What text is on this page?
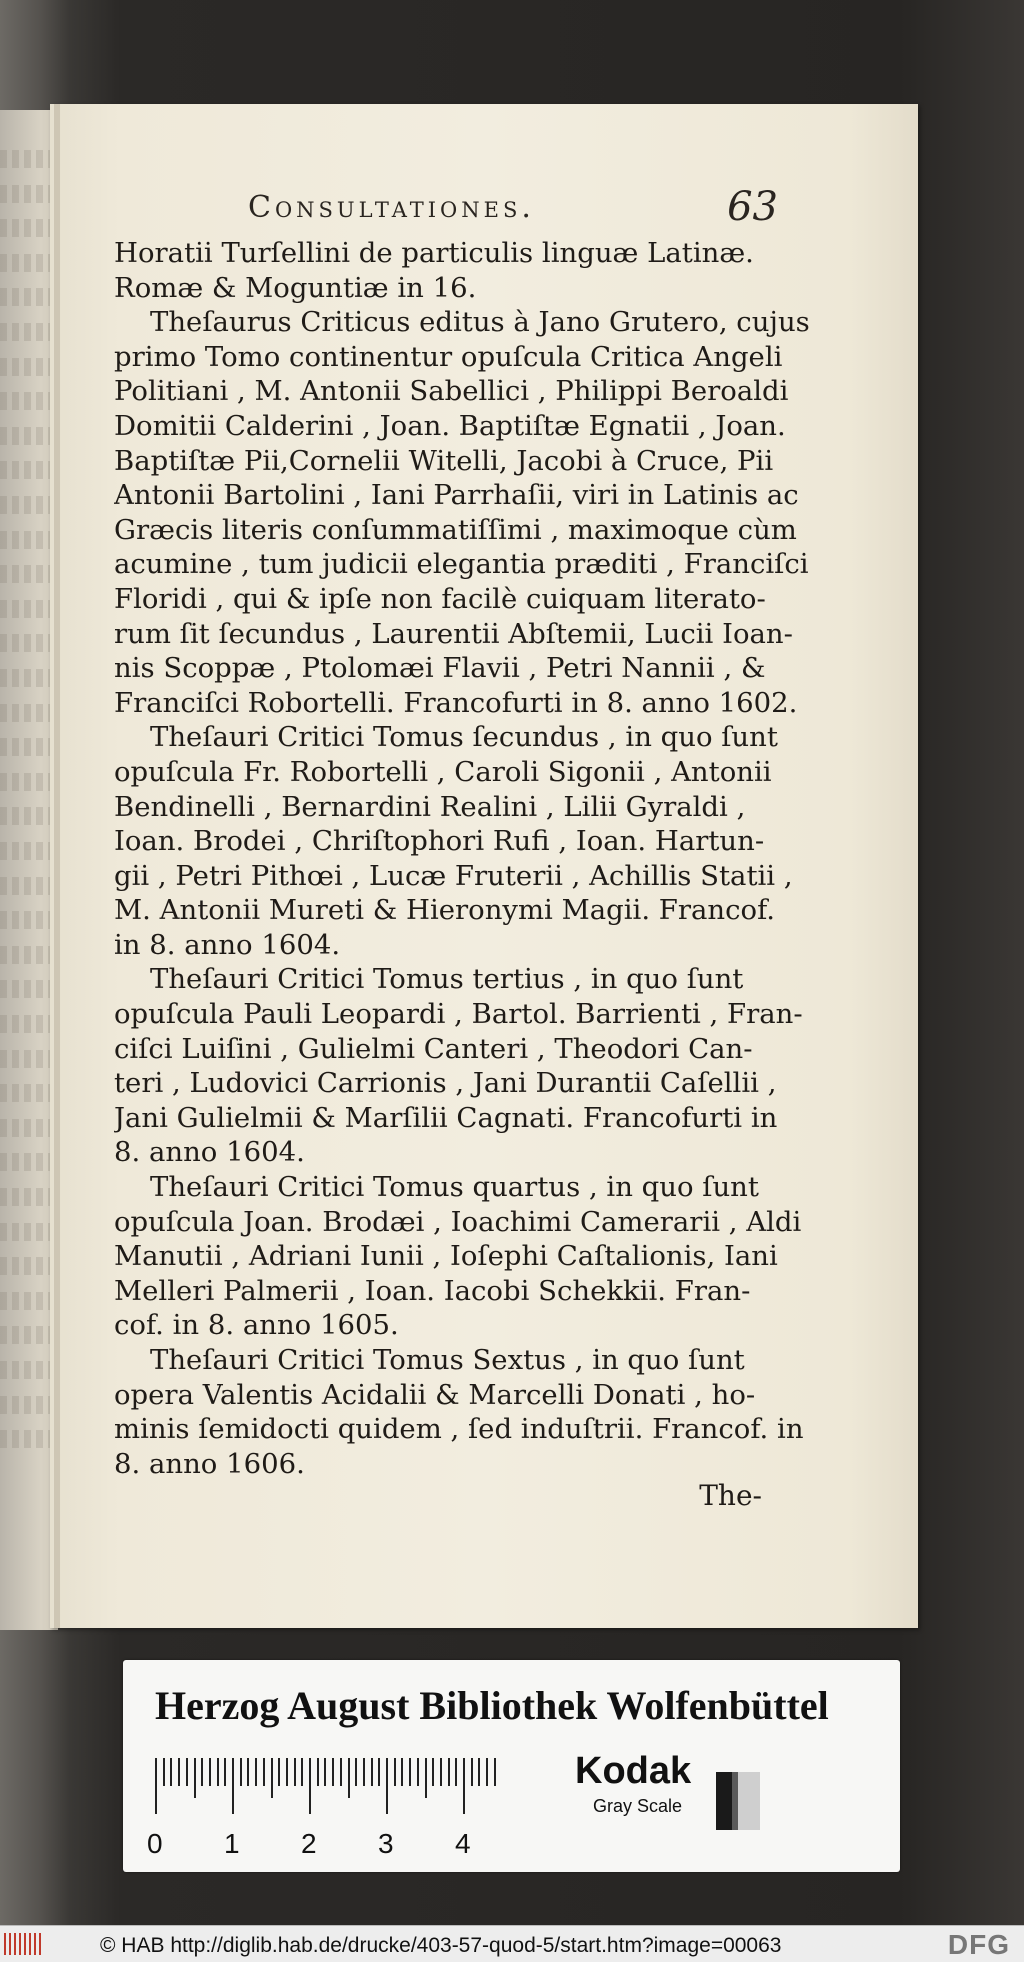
Consultationes.	63
Horatii Turſellini de particulis linguæ Latinæ.
Romæ & Moguntiæ in 16.
Theſaurus Criticus editus à Jano Grutero, cujus
primo Tomo continentur opuſcula Critica Angeli
Politiani , M. Antonii Sabellici , Philippi Beroaldi
Domitii Calderini , Joan. Baptiſtæ Egnatii , Joan.
Baptiſtæ Pii,Cornelii Witelli, Jacobi à Cruce, Pii
Antonii Bartolini , Iani Parrhaſii, viri in Latinis ac
Græcis literis conſummatiſſimi , maximoque cùm
acumine , tum judicii elegantia præditi , Franciſci
Floridi , qui & ipſe non facilè cuiquam literato-
rum ſit ſecundus , Laurentii Abſtemii, Lucii Ioan-
nis Scoppæ , Ptolomæi Flavii , Petri Nannii , &
Franciſci Robortelli. Francofurti in 8. anno 1602.
Theſauri Critici Tomus ſecundus , in quo ſunt
opuſcula Fr. Robortelli , Caroli Sigonii , Antonii
Bendinelli , Bernardini Realini , Lilii Gyraldi ,
Ioan. Brodei , Chriſtophori Rufi , Ioan. Hartun-
gii , Petri Pithœi , Lucæ Fruterii , Achillis Statii ,
M. Antonii Mureti & Hieronymi Magii. Francof.
in 8. anno 1604.
Theſauri Critici Tomus tertius , in quo ſunt
opuſcula Pauli Leopardi , Bartol. Barrienti , Fran-
ciſci Luiſini , Gulielmi Canteri , Theodori Can-
teri , Ludovici Carrionis , Jani Durantii Caſellii ,
Jani Gulielmii & Marſilii Cagnati. Francofurti in
8. anno 1604.
Theſauri Critici Tomus quartus , in quo ſunt
opuſcula Joan. Brodæi , Ioachimi Camerarii , Aldi
Manutii , Adriani Iunii , Ioſephi Caſtalionis, Iani
Melleri Palmerii , Ioan. Iacobi Schekkii. Fran-
cof. in 8. anno 1605.
Theſauri Critici Tomus Sextus , in quo ſunt
opera Valentis Acidalii & Marcelli Donati , ho-
minis ſemidocti quidem , ſed induſtrii. Francof. in
8. anno 1606.
The-
Herzog August Bibliothek Wolfenbüttel
0	1	2	3	4
Kodak
Gray Scale
© HAB http://diglib.hab.de/drucke/403-57-quod-5/start.htm?image=00063	DFG
